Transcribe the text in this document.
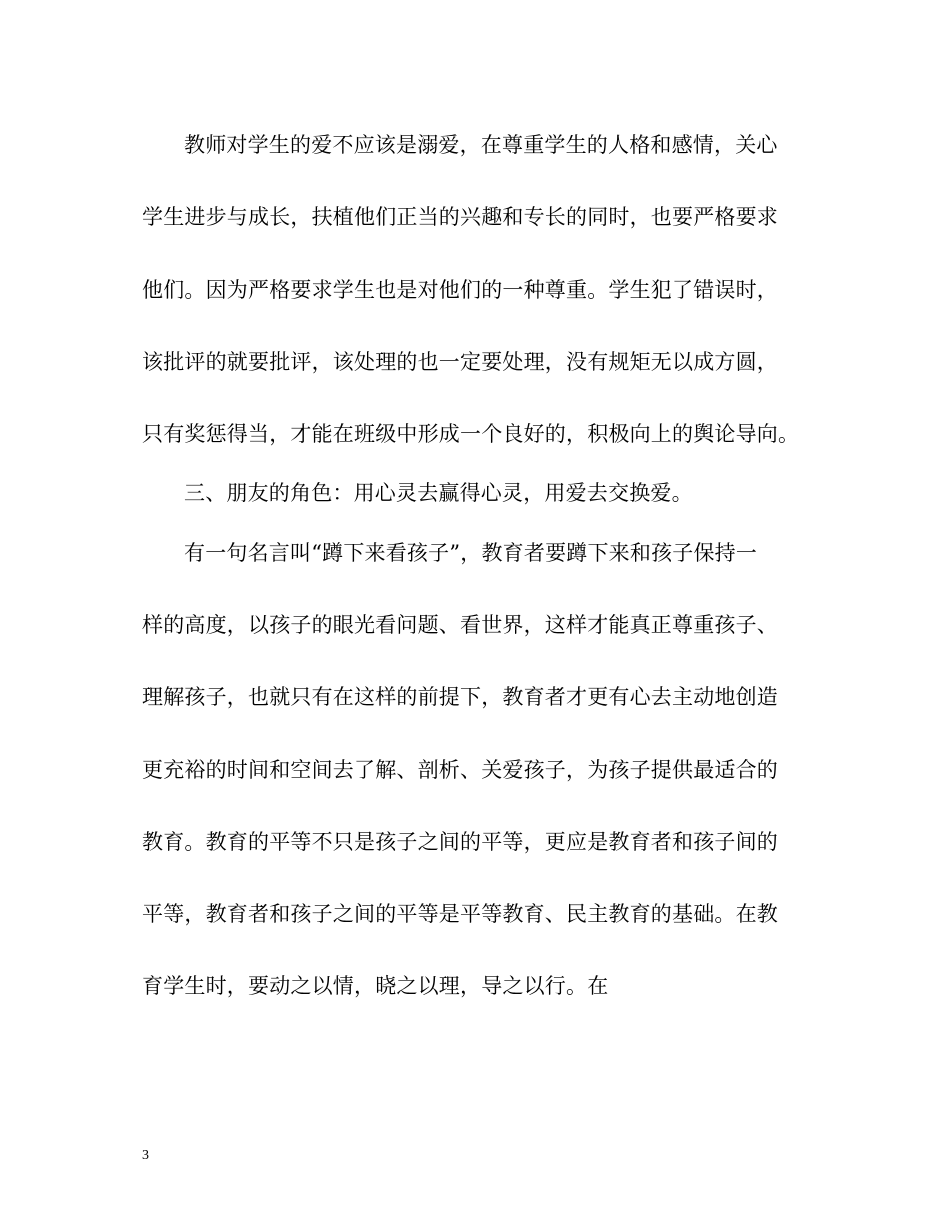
教师对学生的爱不应该是溺爱，在尊重学生的人格和感情，关心
学生进步与成长，扶植他们正当的兴趣和专长的同时，也要严格要求
他们。因为严格要求学生也是对他们的一种尊重。学生犯了错误时，
该批评的就要批评，该处理的也一定要处理，没有规矩无以成方圆，
只有奖惩得当，才能在班级中形成一个良好的，积极向上的舆论导向。
三、朋友的角色：用心灵去赢得心灵，用爱去交换爱。
有一句名言叫“蹲下来看孩子”，教育者要蹲下来和孩子保持一
样的高度，以孩子的眼光看问题、看世界，这样才能真正尊重孩子、
理解孩子，也就只有在这样的前提下，教育者才更有心去主动地创造
更充裕的时间和空间去了解、剖析、关爱孩子，为孩子提供最适合的
教育。教育的平等不只是孩子之间的平等，更应是教育者和孩子间的
平等，教育者和孩子之间的平等是平等教育、民主教育的基础。在教
育学生时，要动之以情，晓之以理，导之以行。在
3
